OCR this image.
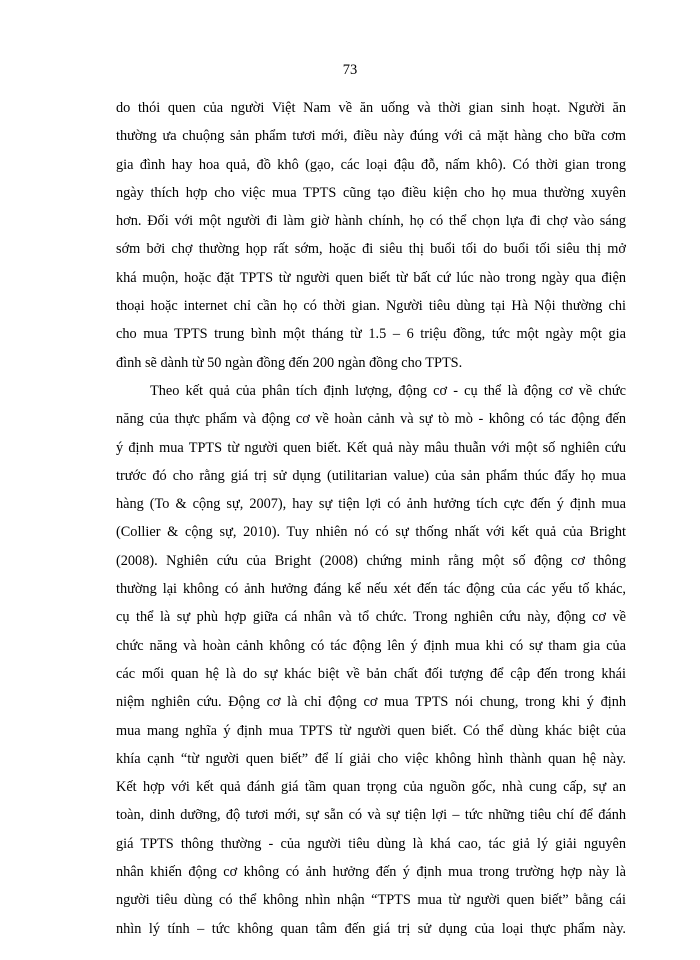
73
do thói quen của người Việt Nam về ăn uống và thời gian sinh hoạt. Người ăn
thường ưa chuộng sản phẩm tươi mới, điều này đúng với cả mặt hàng cho bữa cơm
gia đình hay hoa quả, đồ khô (gạo, các loại đậu đỗ, nấm khô). Có thời gian trong
ngày thích hợp cho việc mua TPTS cũng tạo điều kiện cho họ mua thường xuyên
hơn. Đối với một người đi làm giờ hành chính, họ có thể chọn lựa đi chợ vào sáng
sớm bởi chợ thường họp rất sớm, hoặc đi siêu thị buổi tối do buổi tối siêu thị mở
khá muộn, hoặc đặt TPTS từ người quen biết từ bất cứ lúc nào trong ngày qua điện
thoại hoặc internet chỉ cần họ có thời gian. Người tiêu dùng tại Hà Nội thường chi
cho mua TPTS trung bình một tháng từ 1.5 – 6 triệu đồng, tức một ngày một gia
đình sẽ dành từ 50 ngàn đồng đến 200 ngàn đồng cho TPTS.
Theo kết quả của phân tích định lượng, động cơ - cụ thể là động cơ về chức
năng của thực phẩm và động cơ về hoàn cảnh và sự tò mò - không có tác động đến
ý định mua TPTS từ người quen biết. Kết quả này mâu thuẫn với một số nghiên cứu
trước đó cho rằng giá trị sử dụng (utilitarian value) của sản phẩm thúc đẩy họ mua
hàng (To & cộng sự, 2007), hay sự tiện lợi có ảnh hưởng tích cực đến ý định mua
(Collier & cộng sự, 2010). Tuy nhiên nó có sự thống nhất với kết quả của Bright
(2008). Nghiên cứu của Bright (2008) chứng minh rằng một số động cơ thông
thường lại không có ảnh hưởng đáng kể nếu xét đến tác động của các yếu tố khác,
cụ thể là sự phù hợp giữa cá nhân và tổ chức. Trong nghiên cứu này, động cơ về
chức năng và hoàn cảnh không có tác động lên ý định mua khi có sự tham gia của
các mối quan hệ là do sự khác biệt về bản chất đối tượng để cập đến trong khái
niệm nghiên cứu. Động cơ là chỉ động cơ mua TPTS nói chung, trong khi ý định
mua mang nghĩa ý định mua TPTS từ người quen biết. Có thể dùng khác biệt của
khía cạnh “từ người quen biết” để lí giải cho việc không hình thành quan hệ này.
Kết hợp với kết quả đánh giá tầm quan trọng của nguồn gốc, nhà cung cấp, sự an
toàn, dinh dưỡng, độ tươi mới, sự sẵn có và sự tiện lợi – tức những tiêu chí để đánh
giá TPTS thông thường - của người tiêu dùng là khá cao, tác giả lý giải nguyên
nhân khiến động cơ không có ảnh hưởng đến ý định mua trong trường hợp này là
người tiêu dùng có thể không nhìn nhận “TPTS mua từ người quen biết” bằng cái
nhìn lý tính – tức không quan tâm đến giá trị sử dụng của loại thực phẩm này.
